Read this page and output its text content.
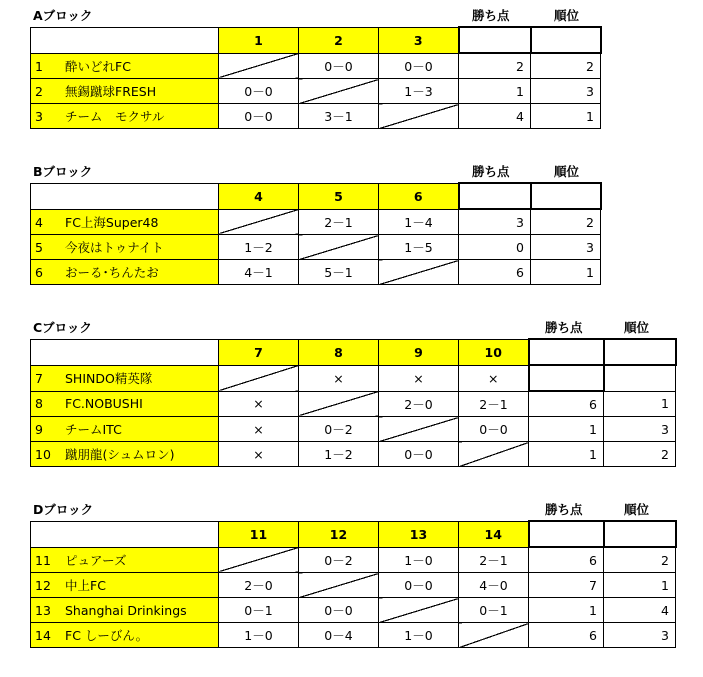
Aブロック	勝ち点	順位
	1	2	3		
1 酔いどれFC		0－0	0－0	2	2
2 無錫蹴球FRESH	0－0		1－3	1	3
3 チーム　モクサル	0－0	3－1		4	1
Bブロック	勝ち点	順位
	4	5	6		
4 FC上海Super48		2－1	1－4	3	2
5 今夜はトゥナイト	1－2		1－5	0	3
6 おーる･ちんたお	4－1	5－1		6	1
Cブロック	勝ち点	順位
	7	8	9	10		
7 SHINDO精英隊		×	×	×		
8 FC.NOBUSHI	×		2－0	2－1	6	1
9 チームITC	×	0－2		0－0	1	3
10 蹴朋龍(シュムロン)	×	1－2	0－0		1	2
Dブロック	勝ち点	順位
	11	12	13	14		
11 ピュアーズ		0－2	1－0	2－1	6	2
12 中上FC	2－0		0－0	4－0	7	1
13 Shanghai Drinkings	0－1	0－0		0－1	1	4
14 FC しーびん。	1－0	0－4	1－0		6	3
